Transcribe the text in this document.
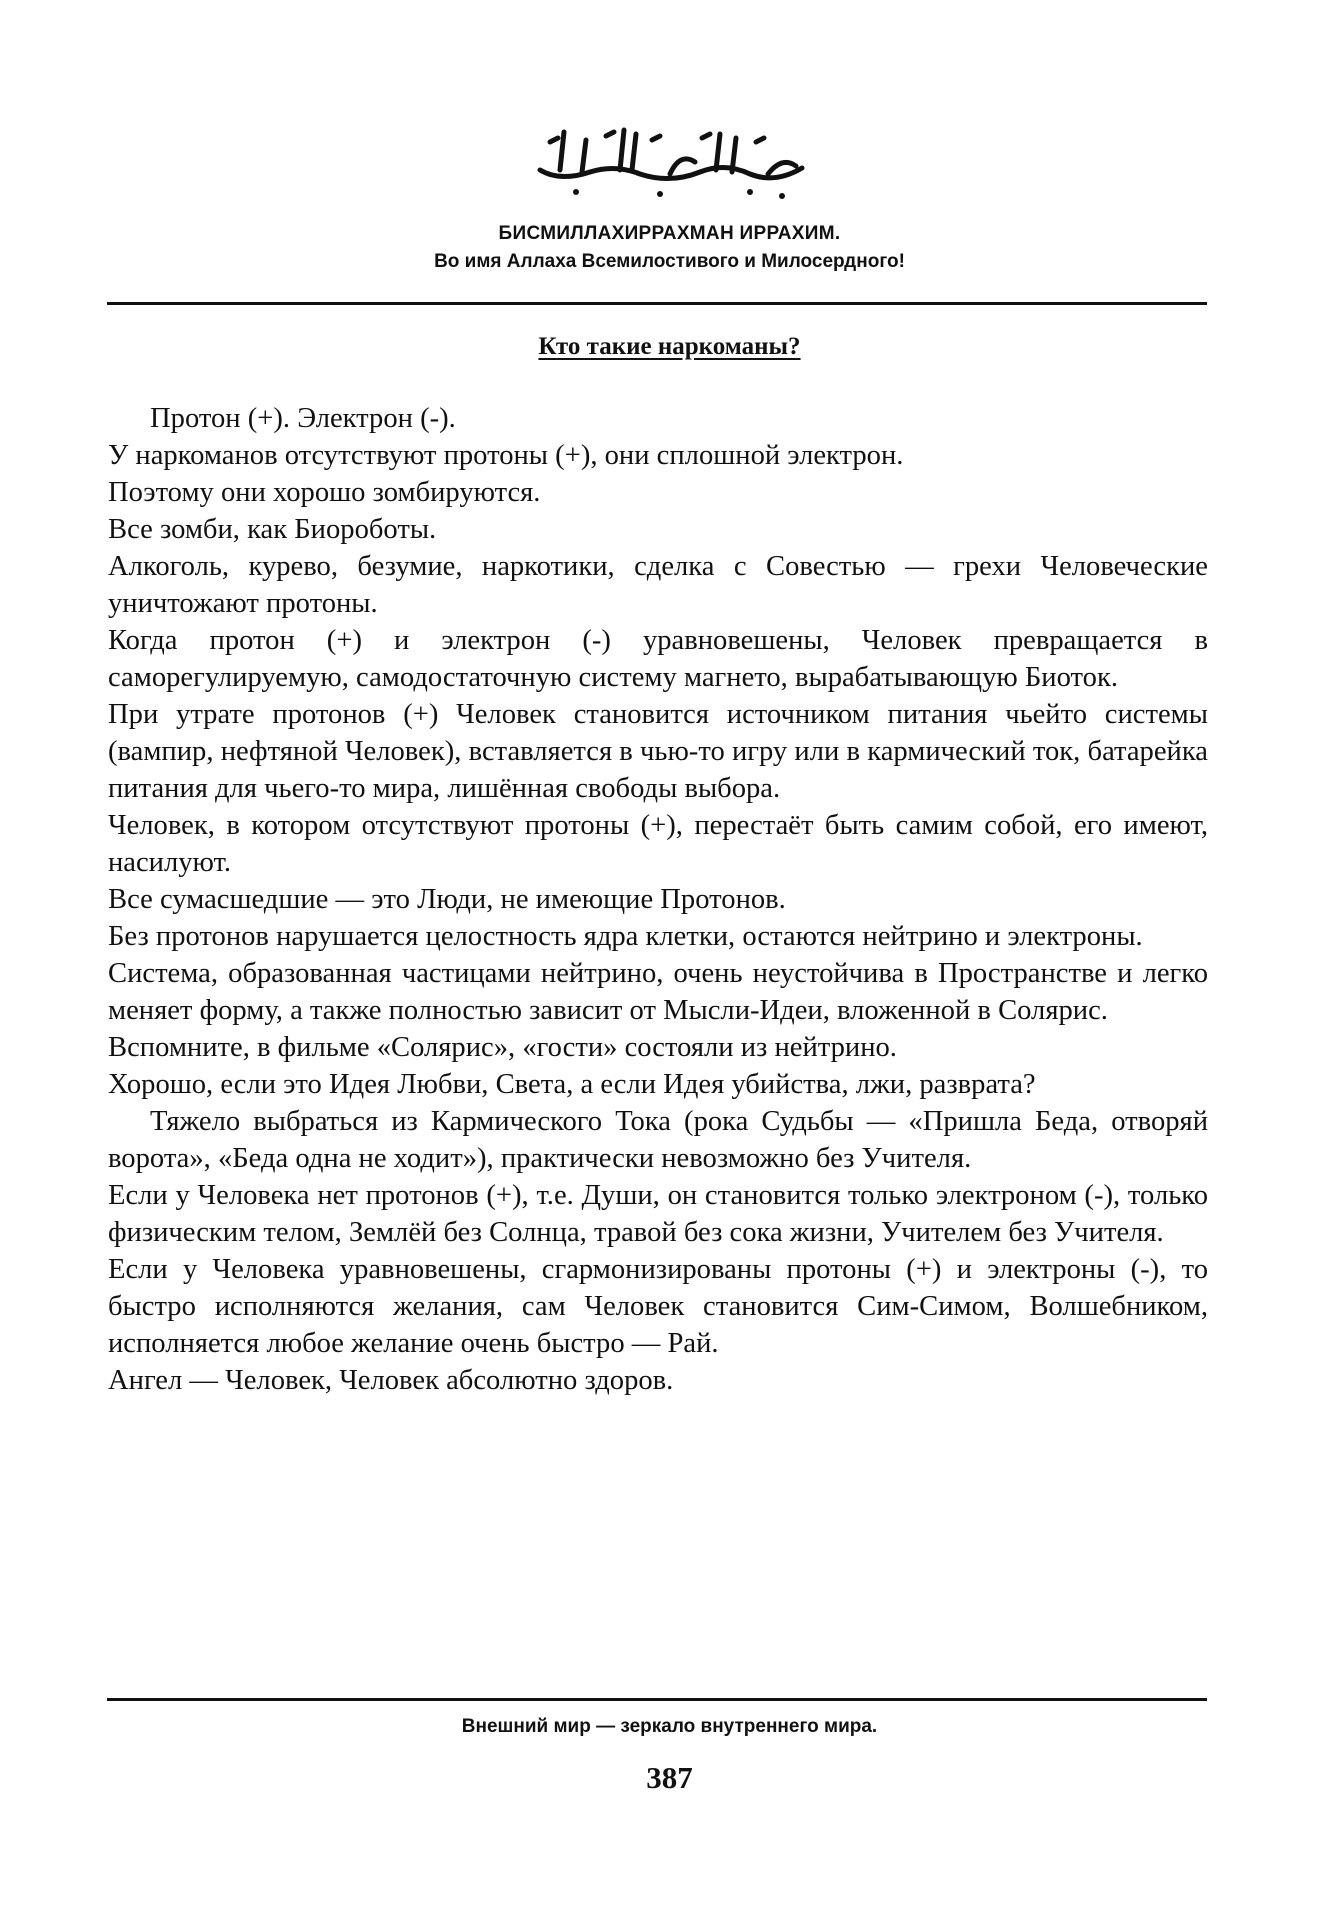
БИСМИЛЛАХИРРАХМАН ИРРАХИМ.
Во имя Аллаха Всемилостивого и Милосердного!
Кто такие наркоманы?

Протон (+). Электрон (-).

У наркоманов отсутствуют протоны (+), они сплошной электрон.

Поэтому они хорошо зомбируются.

Все зомби, как Биороботы.

Алкоголь, курево, безумие, наркотики, сделка с Совестью — грехи Человеческие уничтожают протоны.

Когда протон (+) и электрон (-) уравновешены, Человек превращается в саморегулируемую, самодостаточную систему магнето, вырабатывающую Биоток.

При утрате протонов (+) Человек становится источником питания чьейто системы (вампир, нефтяной Человек), вставляется в чью-то игру или в кармический ток, батарейка питания для чьего-то мира, лишённая свободы выбора.

Человек, в котором отсутствуют протоны (+), перестаёт быть самим собой, его имеют, насилуют.

Все сумасшедшие — это Люди, не имеющие Протонов.

Без протонов нарушается целостность ядра клетки, остаются нейтрино и электроны.

Система, образованная частицами нейтрино, очень неустойчива в Пространстве и легко меняет форму, а также полностью зависит от Мысли-Идеи, вложенной в Солярис.

Вспомните, в фильме «Солярис», «гости» состояли из нейтрино.

Хорошо, если это Идея Любви, Света, а если Идея убийства, лжи, разврата?

Тяжело выбраться из Кармического Тока (рока Судьбы — «Пришла Беда, отворяй ворота», «Беда одна не ходит»), практически невозможно без Учителя.

Если у Человека нет протонов (+), т.е. Души, он становится только электроном (-), только физическим телом, Землёй без Солнца, травой без сока жизни, Учителем без Учителя.

Если у Человека уравновешены, сгармонизированы протоны (+) и электроны (-), то быстро исполняются желания, сам Человек становится Сим-Симом, Волшебником, исполняется любое желание очень быстро — Рай.

Ангел — Человек, Человек абсолютно здоров.

Внешний мир — зеркало внутреннего мира.
387
